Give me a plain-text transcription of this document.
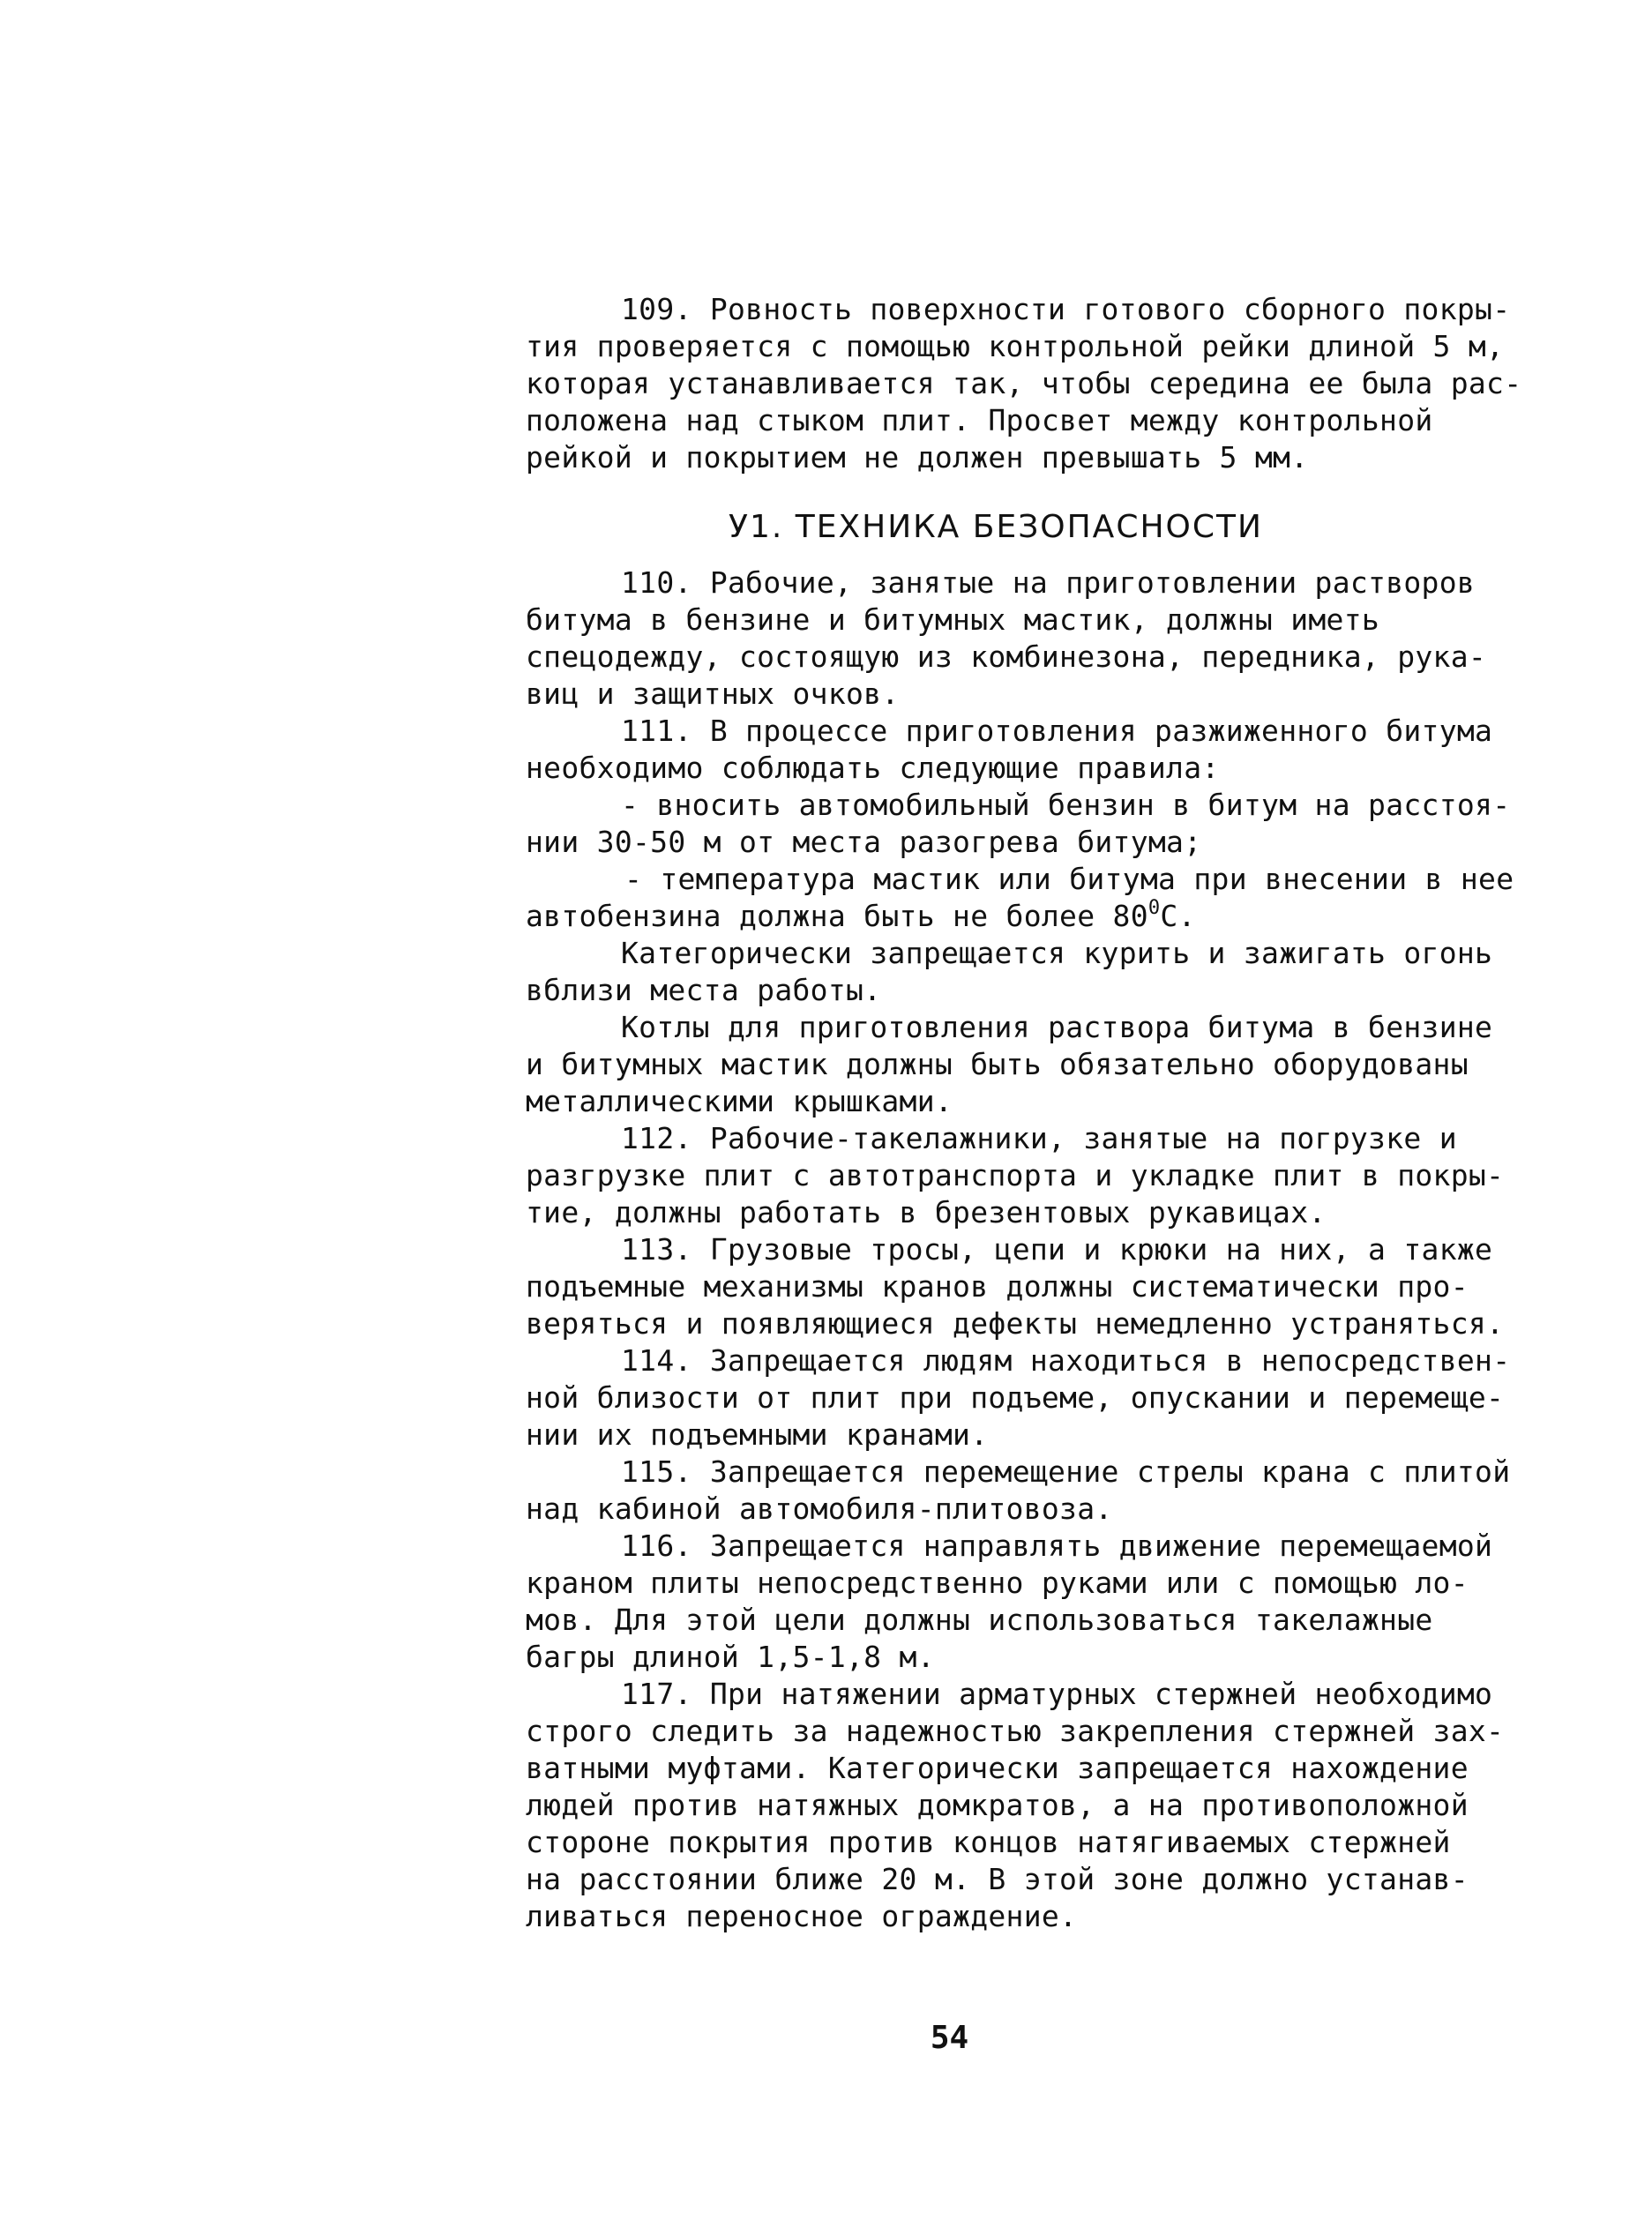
109. Ровность поверхности готового сборного покры-
тия проверяется с помощью контрольной рейки длиной 5 м,
которая устанавливается так, чтобы середина ее была рас-
положена над стыком плит. Просвет между контрольной
рейкой и покрытием не должен превышать 5 мм.
У1. ТЕХНИКА БЕЗОПАСНОСТИ
110. Рабочие, занятые на приготовлении растворов
битума в бензине и битумных мастик, должны иметь
спецодежду, состоящую из комбинезона, передника, рука-
виц и защитных очков.
111. В процессе приготовления разжиженного битума
необходимо соблюдать следующие правила:
- вносить автомобильный бензин в битум на расстоя-
нии 30-50 м от места разогрева битума;
- температура мастик или битума при внесении в нее
автобензина должна быть не более $80^0С$.
Категорически запрещается курить и зажигать огонь
вблизи места работы.
Котлы для приготовления раствора битума в бензине
и битумных мастик должны быть обязательно оборудованы
металлическими крышками.
112. Рабочие-такелажники, занятые на погрузке и
разгрузке плит с автотранспорта и укладке плит в покры-
тие, должны работать в брезентовых рукавицах.
113. Грузовые тросы, цепи и крюки на них, а также
подъемные механизмы кранов должны систематически про-
веряться и появляющиеся дефекты немедленно устраняться.
114. Запрещается людям находиться в непосредствен-
ной близости от плит при подъеме, опускании и перемеще-
нии их подъемными кранами.
115. Запрещается перемещение стрелы крана с плитой
над кабиной автомобиля-плитовоза.
116. Запрещается направлять движение перемещаемой
краном плиты непосредственно руками или с помощью ло-
мов. Для этой цели должны использоваться такелажные
багры длиной 1,5-1,8 м.
117. При натяжении арматурных стержней необходимо
строго следить за надежностью закрепления стержней зах-
ватными муфтами. Категорически запрещается нахождение
людей против натяжных домкратов, а на противоположной
стороне покрытия против концов натягиваемых стержней
на расстоянии ближе 20 м. В этой зоне должно устанав-
ливаться переносное ограждение.
54
